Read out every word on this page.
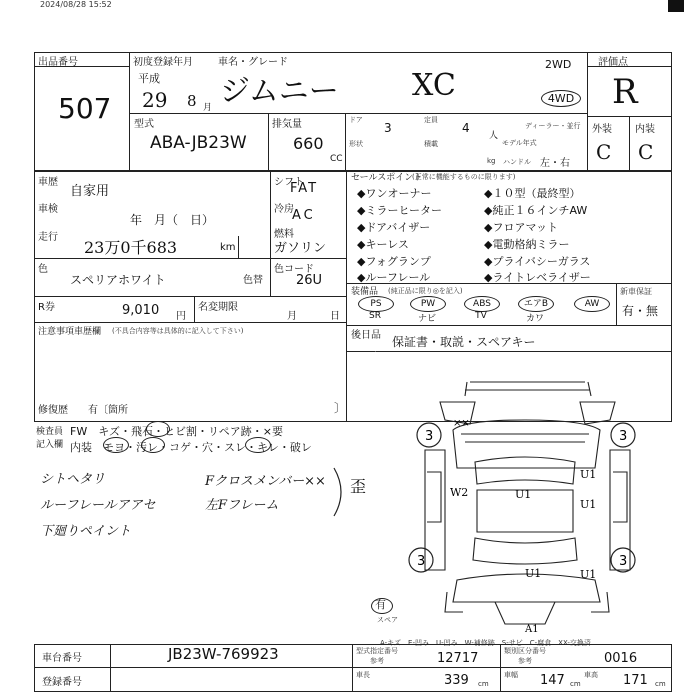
2024/08/28 15:52
出品番号
507
初度登録年月	車名・グレード
平成
29 8 月 ジムニー XC
2WD
4WD
型式
ABA-JB23W
排気量
660
CC
ドア
3
形状
定員
4
人
積載
kg
ディーラー・並行
モデル年式
ハンドル 左・右
評価点
R
外装 内装
C C
車歴
自家用
車検
年　月（　日）
走行
23万0千683	km
シフト
FAT
冷房
AC
燃料
ガソリン
色
スペリアホワイト	色替
色コード
26U
R券	9,010 円
名変期限
月	日
注意事項車歴欄 (不具合内容等は具体的に記入して下さい)
修復歴 有〔箇所	〕
セールスポイント
(正常に機能するものに限ります)
◆ワンオーナー	◆１０型（最終型）
◆ミラーヒーター	◆純正１６インチAW
◆ドアバイザー	◆フロアマット
◆キーレス	◆電動格納ミラー
◆フォグランプ	◆プライバシーガラス
◆ルーフレール	◆ライトレベライザー
装備品 (純正品に限り◎を記入)	新車保証
有・無
PS
SR
PW
ナビ
ABS
TV
エアB
カワ
AW
後日品 保証書・取説・スペアキー
検査員
記入欄
FW　キズ・飛石・ヒビ割・リペア跡・×要
内装　モヨ・汚レ・コゲ・穴・スレ・キレ・破レ
シトヘタリ
ルーフレールアアセ
下廻りペイント
Fクロスメンバー××
左Fフレーム
歪
3	3
3	3
××
W2	U1
U1
U1
U1	U1
有
A1
有
スペア
A-キズ　E-凹み　U-凹み　W-補修跡　S-サビ　C-腐食　XX-交換済
車台番号	JB23W-769923
登録番号
型式指定番号
参考	12717	類別区分番号
参考	0016
車長	339 cm
車幅 147 cm
車高 171 cm
